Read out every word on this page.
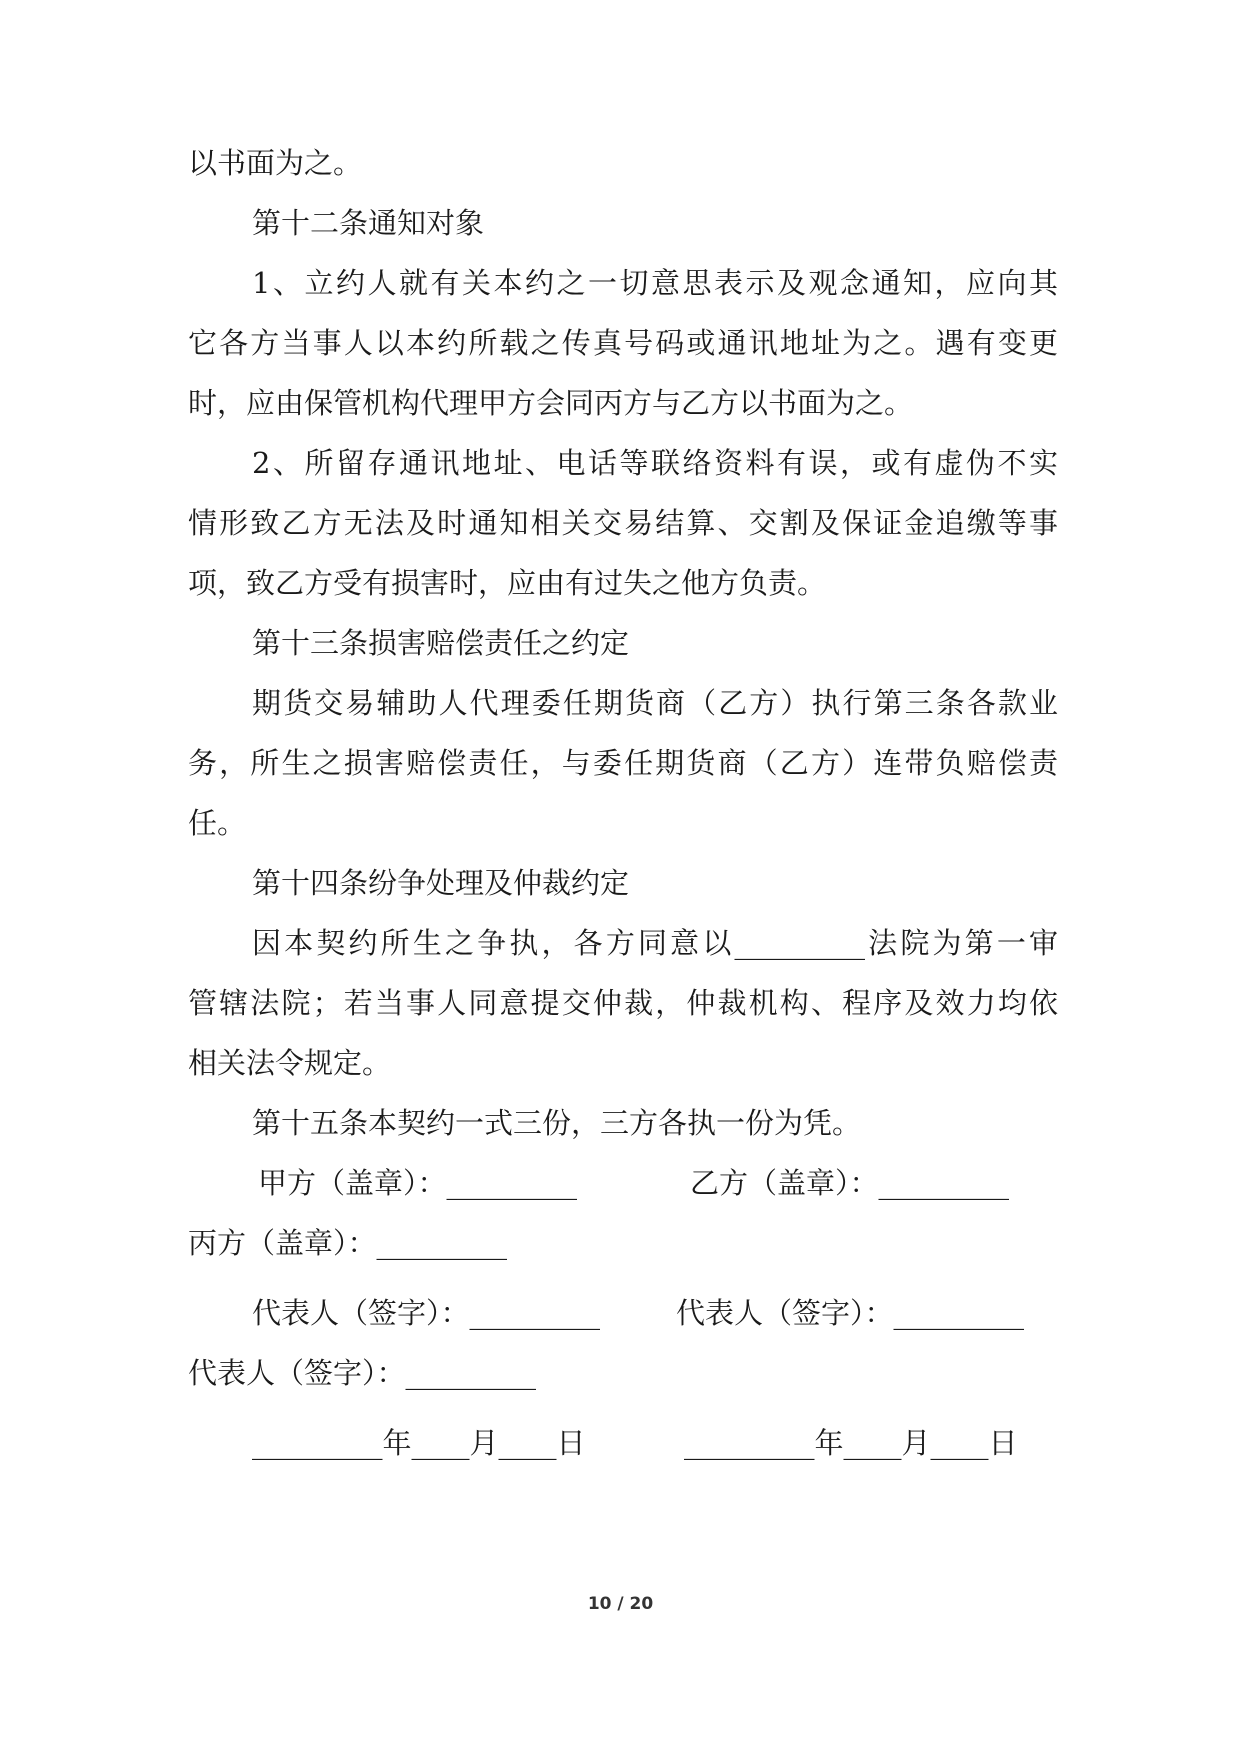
以书面为之。
第十二条通知对象
1、立约人就有关本约之一切意思表示及观念通知，应向其
它各方当事人以本约所载之传真号码或通讯地址为之。遇有变更
时，应由保管机构代理甲方会同丙方与乙方以书面为之。
2、所留存通讯地址、电话等联络资料有误，或有虚伪不实
情形致乙方无法及时通知相关交易结算、交割及保证金追缴等事
项，致乙方受有损害时，应由有过失之他方负责。
第十三条损害赔偿责任之约定
期货交易辅助人代理委任期货商（乙方）执行第三条各款业
务，所生之损害赔偿责任，与委任期货商（乙方）连带负赔偿责
任。
第十四条纷争处理及仲裁约定
因本契约所生之争执，各方同意以_________法院为第一审
管辖法院；若当事人同意提交仲裁，仲裁机构、程序及效力均依
相关法令规定。
第十五条本契约一式三份，三方各执一份为凭。
甲方（盖章）：_________	乙方（盖章）：_________
丙方（盖章）：_________
代表人（签字）：_________	代表人（签字）：_________
代表人（签字）：_________
_________年____月____日	_________年____月____日
10 / 20
